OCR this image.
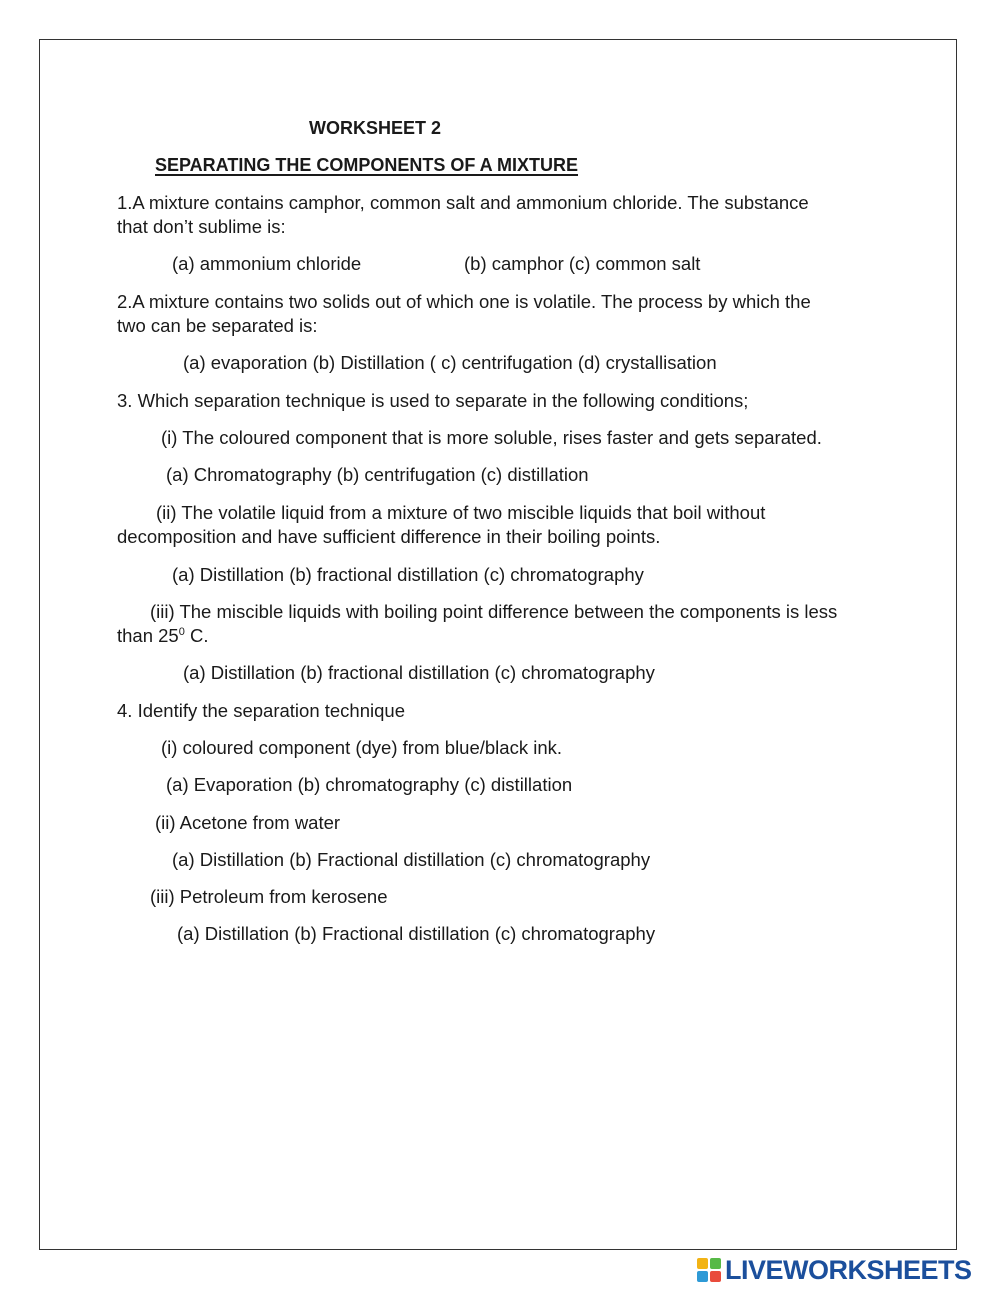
WORKSHEET 2
SEPARATING THE COMPONENTS OF A MIXTURE
1.A mixture contains camphor, common salt and ammonium chloride. The substance
that don’t sublime is:
(a) ammonium chloride	(b) camphor (c) common salt
2.A mixture contains two solids out of which one is volatile. The process by which the
two can be separated is:
(a) evaporation (b) Distillation ( c) centrifugation (d) crystallisation
3. Which separation technique is used to separate in the following conditions;
(i) The coloured component that is more soluble, rises faster and gets separated.
(a) Chromatography (b) centrifugation (c) distillation
(ii) The volatile liquid from a mixture of two miscible liquids that boil without
decomposition and have sufficient difference in their boiling points.
(a) Distillation (b) fractional distillation (c) chromatography
(iii) The miscible liquids with boiling point difference between the components is less
than $25^0$ C.
(a) Distillation (b) fractional distillation (c) chromatography
4. Identify the separation technique
(i) coloured component (dye) from blue/black ink.
(a) Evaporation (b) chromatography (c) distillation
(ii) Acetone from water
(a) Distillation (b) Fractional distillation (c) chromatography
(iii) Petroleum from kerosene
(a) Distillation (b) Fractional distillation (c) chromatography
LIVEWORKSHEETS
